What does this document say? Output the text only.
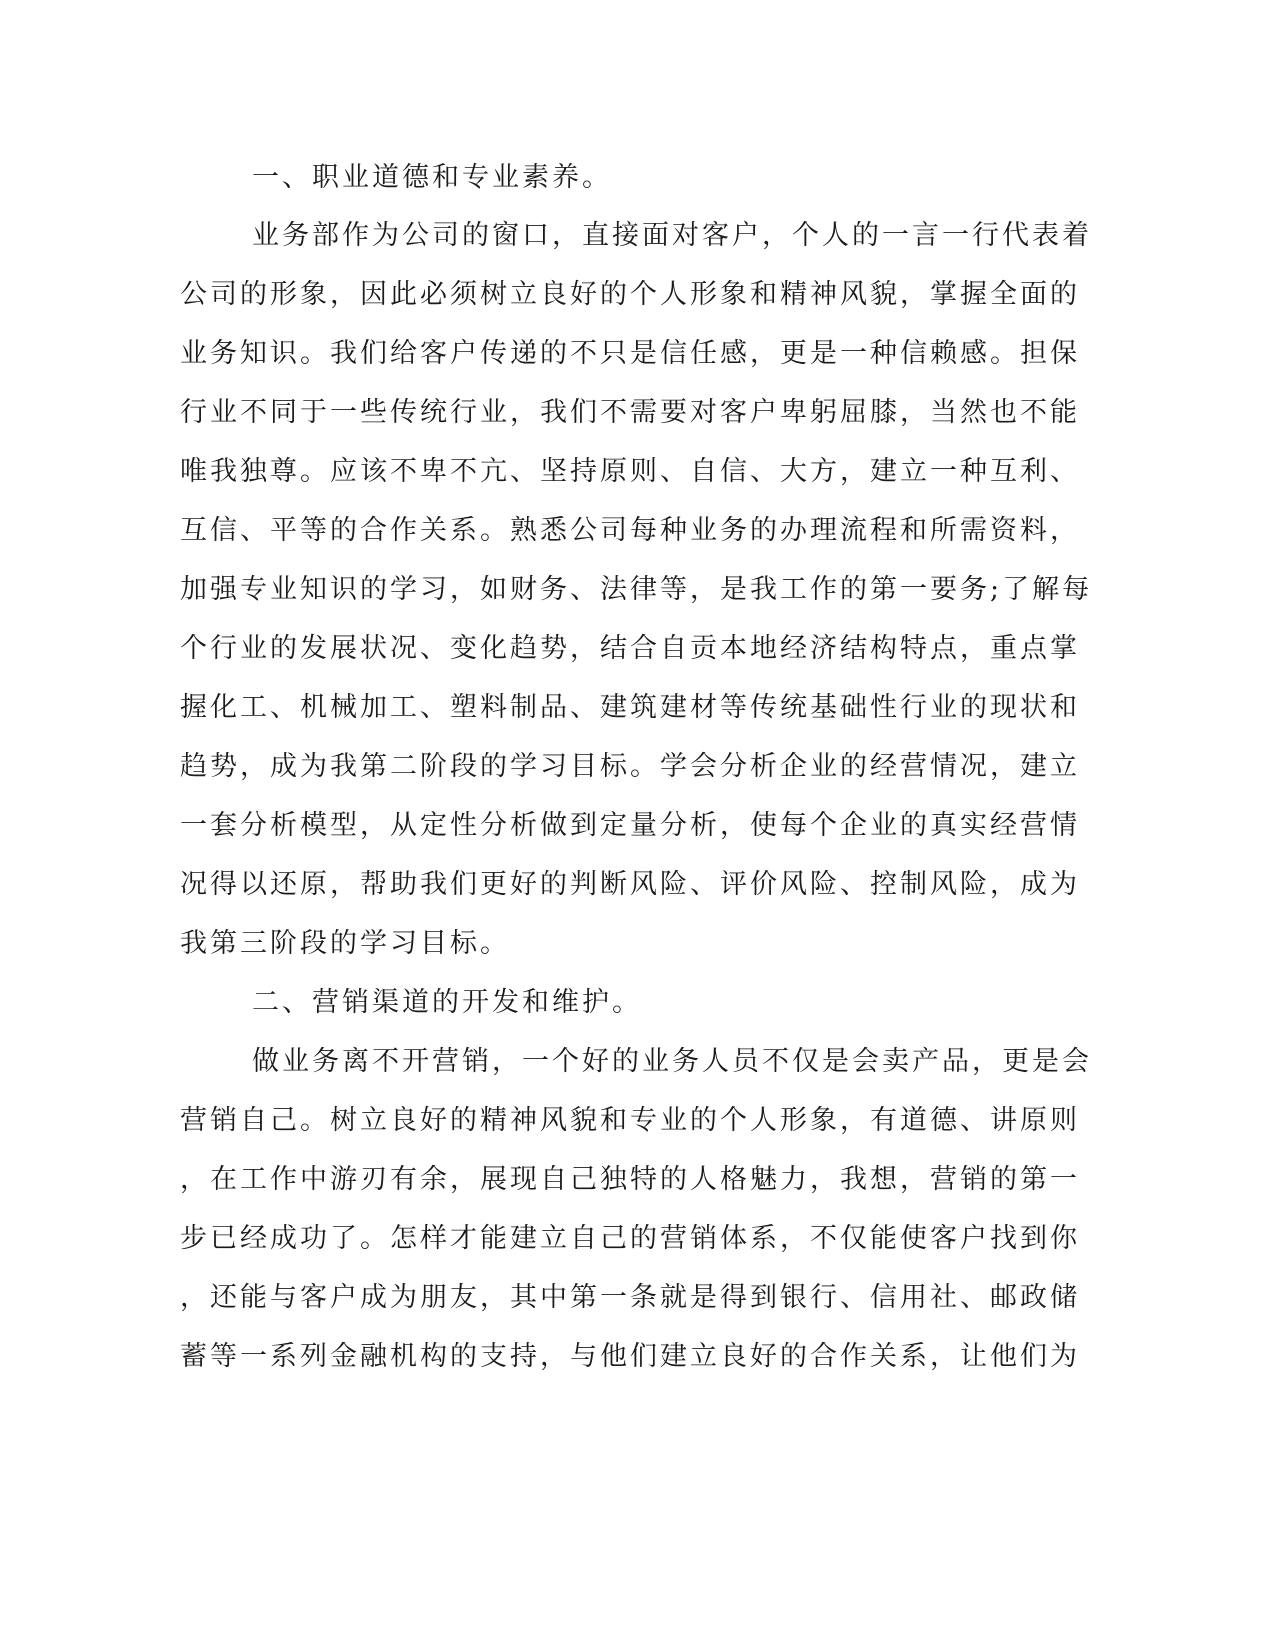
一、职业道德和专业素养。
业务部作为公司的窗口，直接面对客户，个人的一言一行代表着
公司的形象，因此必须树立良好的个人形象和精神风貌，掌握全面的
业务知识。我们给客户传递的不只是信任感，更是一种信赖感。担保
行业不同于一些传统行业，我们不需要对客户卑躬屈膝，当然也不能
唯我独尊。应该不卑不亢、坚持原则、自信、大方，建立一种互利、
互信、平等的合作关系。熟悉公司每种业务的办理流程和所需资料，
加强专业知识的学习，如财务、法律等，是我工作的第一要务;了解每
个行业的发展状况、变化趋势，结合自贡本地经济结构特点，重点掌
握化工、机械加工、塑料制品、建筑建材等传统基础性行业的现状和
趋势，成为我第二阶段的学习目标。学会分析企业的经营情况，建立
一套分析模型，从定性分析做到定量分析，使每个企业的真实经营情
况得以还原，帮助我们更好的判断风险、评价风险、控制风险，成为
我第三阶段的学习目标。
二、营销渠道的开发和维护。
做业务离不开营销，一个好的业务人员不仅是会卖产品，更是会
营销自己。树立良好的精神风貌和专业的个人形象，有道德、讲原则
，在工作中游刃有余，展现自己独特的人格魅力，我想，营销的第一
步已经成功了。怎样才能建立自己的营销体系，不仅能使客户找到你
，还能与客户成为朋友，其中第一条就是得到银行、信用社、邮政储
蓄等一系列金融机构的支持，与他们建立良好的合作关系，让他们为
